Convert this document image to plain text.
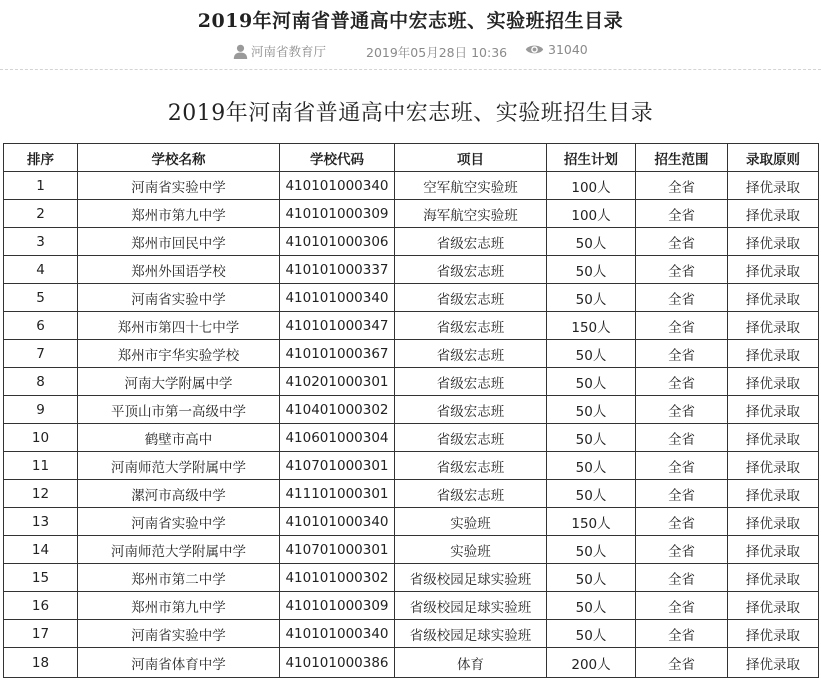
2019年河南省普通高中宏志班、实验班招生目录
河南省教育厅	2019年05月28日 10:36	31040
2019年河南省普通高中宏志班、实验班招生目录
排序	学校名称	学校代码	项目	招生计划	招生范围	录取原则
1	河南省实验中学	410101000340	空军航空实验班	100人	全省	择优录取
2	郑州市第九中学	410101000309	海军航空实验班	100人	全省	择优录取
3	郑州市回民中学	410101000306	省级宏志班	50人	全省	择优录取
4	郑州外国语学校	410101000337	省级宏志班	50人	全省	择优录取
5	河南省实验中学	410101000340	省级宏志班	50人	全省	择优录取
6	郑州市第四十七中学	410101000347	省级宏志班	150人	全省	择优录取
7	郑州市宇华实验学校	410101000367	省级宏志班	50人	全省	择优录取
8	河南大学附属中学	410201000301	省级宏志班	50人	全省	择优录取
9	平顶山市第一高级中学	410401000302	省级宏志班	50人	全省	择优录取
10	鹤壁市高中	410601000304	省级宏志班	50人	全省	择优录取
11	河南师范大学附属中学	410701000301	省级宏志班	50人	全省	择优录取
12	漯河市高级中学	411101000301	省级宏志班	50人	全省	择优录取
13	河南省实验中学	410101000340	实验班	150人	全省	择优录取
14	河南师范大学附属中学	410701000301	实验班	50人	全省	择优录取
15	郑州市第二中学	410101000302	省级校园足球实验班	50人	全省	择优录取
16	郑州市第九中学	410101000309	省级校园足球实验班	50人	全省	择优录取
17	河南省实验中学	410101000340	省级校园足球实验班	50人	全省	择优录取
18	河南省体育中学	410101000386	体育	200人	全省	择优录取
